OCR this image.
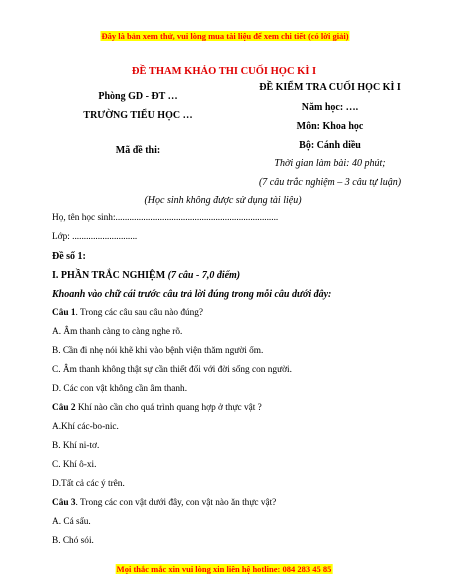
Đây là bản xem thử, vui lòng mua tài liệu để xem chi tiết (có lời giải)
ĐỀ THAM KHẢO THI CUỐI HỌC KÌ I
Phòng GD - ĐT …
TRƯỜNG TIỂU HỌC …
Mã đề thi:
ĐỀ KIỂM TRA CUỐI HỌC KÌ I
Năm học: ….
Môn: Khoa học
Bộ: Cánh diều
Thời gian làm bài: 40 phút;
(7 câu trắc nghiệm – 3 câu tự luận)
(Học sinh không được sử dụng tài liệu)
Họ, tên học sinh:......................................................................
Lớp: ............................
Đề số 1:
I. PHẦN TRẮC NGHIỆM (7 câu - 7,0 điểm)
Khoanh vào chữ cái trước câu trả lời đúng trong mỗi câu dưới đây:
Câu 1. Trong các câu sau câu nào đúng?
A. Âm thanh càng to càng nghe rõ.
B. Cần đi nhẹ nói khẽ khi vào bệnh viện thăm người ốm.
C. Âm thanh không thật sự cần thiết đối với đời sống con người.
D. Các con vật không cần âm thanh.
Câu 2 Khí nào cần cho quá trình quang hợp ở thực vật ?
A.Khí các-bo-nic.
B. Khí ni-tơ.
C. Khí ô-xi.
D.Tất cả các ý trên.
Câu 3. Trong các con vật dưới đây, con vật nào ăn thực vật?
A. Cá sấu.
B. Chó sói.
Mọi thắc mắc xin vui lòng xin liên hệ hotline: 084 283 45 85
